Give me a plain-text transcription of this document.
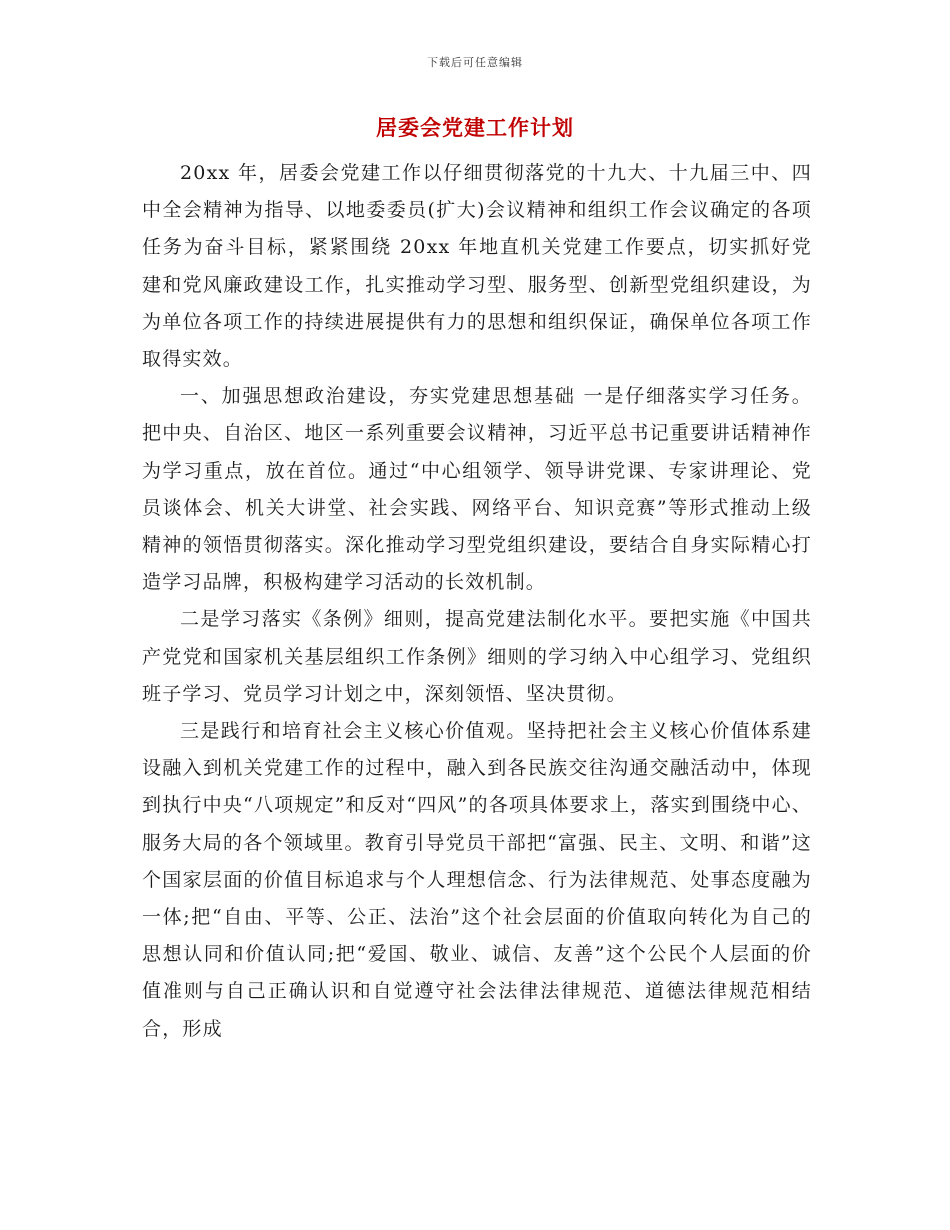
下载后可任意编辑
居委会党建工作计划

20xx 年，居委会党建工作以仔细贯彻落党的十九大、十九届三中、四中全会精神为指导、以地委委员(扩大)会议精神和组织工作会议确定的各项任务为奋斗目标，紧紧围绕 20xx 年地直机关党建工作要点，切实抓好党建和党风廉政建设工作，扎实推动学习型、服务型、创新型党组织建设，为为单位各项工作的持续进展提供有力的思想和组织保证，确保单位各项工作取得实效。

一、加强思想政治建设，夯实党建思想基础 一是仔细落实学习任务。把中央、自治区、地区一系列重要会议精神，习近平总书记重要讲话精神作为学习重点，放在首位。通过“中心组领学、领导讲党课、专家讲理论、党员谈体会、机关大讲堂、社会实践、网络平台、知识竞赛”等形式推动上级精神的领悟贯彻落实。深化推动学习型党组织建设，要结合自身实际精心打造学习品牌，积极构建学习活动的长效机制。

二是学习落实《条例》细则，提高党建法制化水平。要把实施《中国共产党党和国家机关基层组织工作条例》细则的学习纳入中心组学习、党组织班子学习、党员学习计划之中，深刻领悟、坚决贯彻。

三是践行和培育社会主义核心价值观。坚持把社会主义核心价值体系建设融入到机关党建工作的过程中，融入到各民族交往沟通交融活动中，体现到执行中央“八项规定”和反对“四风”的各项具体要求上，落实到围绕中心、服务大局的各个领域里。教育引导党员干部把“富强、民主、文明、和谐”这个国家层面的价值目标追求与个人理想信念、行为法律规范、处事态度融为一体;把“自由、平等、公正、法治”这个社会层面的价值取向转化为自己的思想认同和价值认同;把“爱国、敬业、诚信、友善”这个公民个人层面的价值准则与自己正确认识和自觉遵守社会法律法律规范、道德法律规范相结合，形成
